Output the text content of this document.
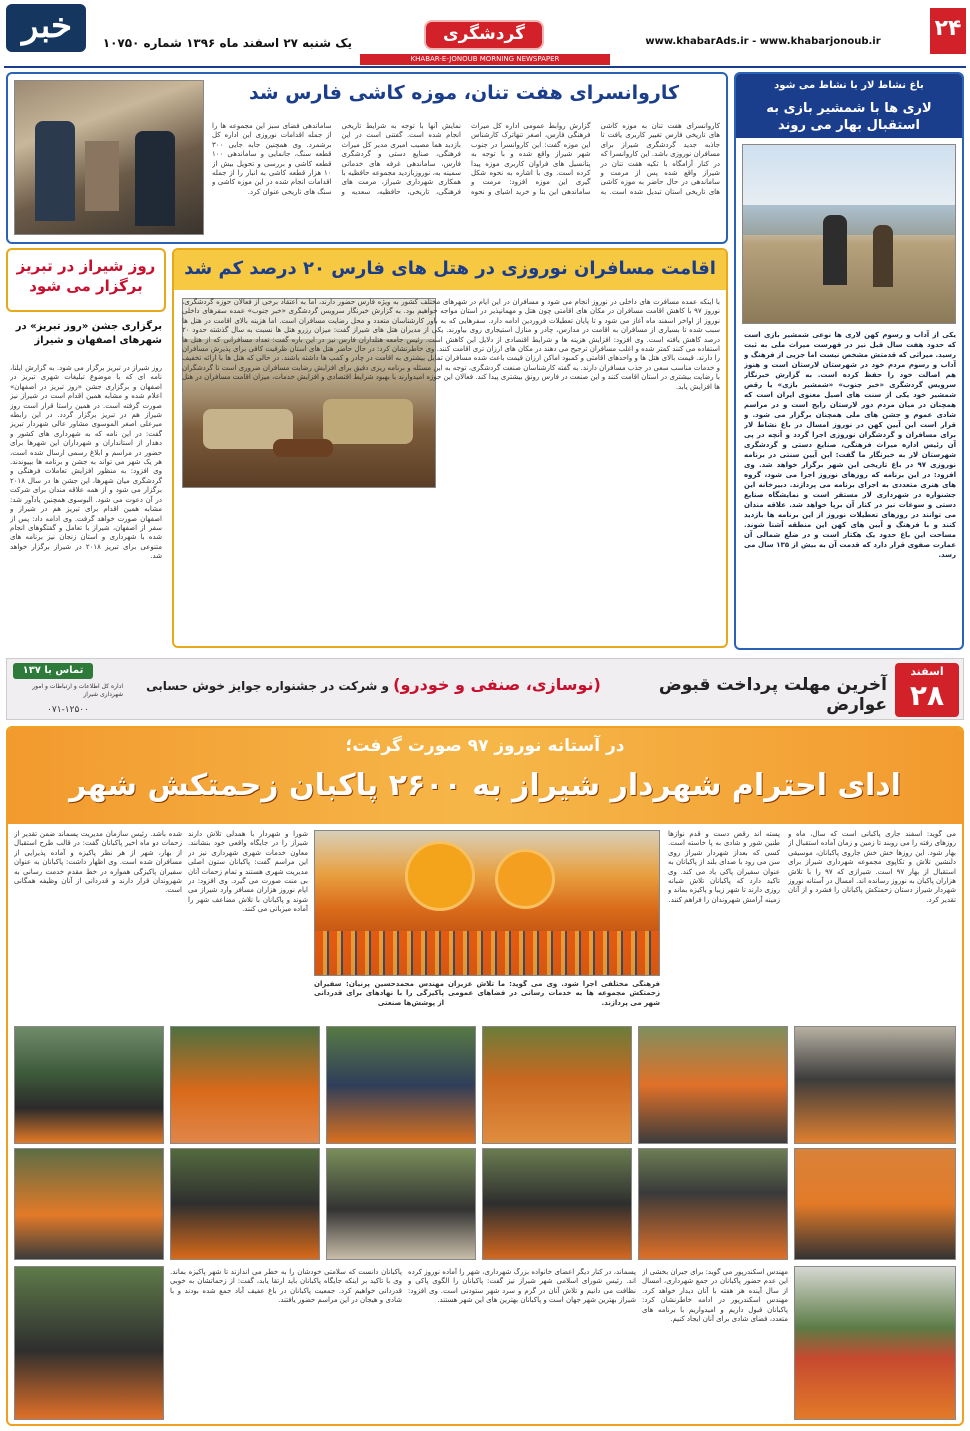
خبر	یک شنبه ۲۷ اسفند ماه ۱۳۹۶ شماره ۱۰۷۵۰	گردشگری	www.khabarAds.ir - www.khabarjonoub.ir
۲۴
KHABAR-E-JONOUB MORNING NEWSPAPER
کاروانسرای هفت تنان، موزه کاشی فارس شد
کاروانسرای هفت تنان به موزه کاشی های تاریخی فارس تغییر کاربری یافت تا جاذبه جدید گردشگری شیراز برای مسافران نوروزی باشد. این کاروانسرا که در کنار آرامگاه با تکیه هفت تنان در شیراز واقع شده پس از مرمت و ساماندهی در حال حاضر به موزه کاشی های تاریخی استان تبدیل شده است. به گزارش روابط عمومی اداره کل میراث فرهنگی فارس، اصغر تنهاترک کارشناس این موزه گفت: این کاروانسرا در جنوب شهر شیراز واقع شده و با توجه به پتانسیل های فراوان کاربری موزه پیدا کرده است. وی با اشاره به نحوه شکل گیری این موزه افزود: مرمت و ساماندهی این بنا و خرید اشیای و نحوه نمایش آنها با توجه به شرایط تاریخی انجام شده است. گفتنی است در این بازدید هما مصیب امیری مدیر کل میراث فرهنگی، صنایع دستی و گردشگری فارس، ساماندهی غرفه های خدماتی سمینه به، نوروزبازدید مجموعه حافظیه با همکاری شهرداری شیراز، مرمت های فرهنگی، تاریخی، حافظیه، سعدیه و ساماندهی فضای سبز این مجموعه ها را از جمله اقدامات نوروزی این اداره کل برشمرد. وی همچنین جابه جایی ۳۰۰ قطعه سنگ، جانمایی و ساماندهی ۱۰۰ قطعه کاشی و بررسی و تحویل بیش از ۱۰ هزار قطعه کاشی به انبار را از جمله اقدامات انجام شده در این موزه کاشی و سنگ های تاریخی عنوان کرد.
باغ نشاط لار با نشاط می شود
لاری ها با شمشیر بازی به استقبال بهار می روند
یکی از آداب و رسوم کهن لاری ها نوعی شمشیر بازی است که حدود هفت سال قبل نیز در فهرست میراث ملی به ثبت رسید. میراثی که قدمتش مشخص نیست اما جزیی از فرهنگ و آداب و رسوم مردم خود در شهرستان لارستان است و هنوز هم اصالت خود را حفظ کرده است. به گزارش خبرنگار سرویس گردشگری «خبر جنوب» «شمشیر بازی» یا رقص شمشیر خود یکی از سنت های اصیل معنوی ایران است که همچنان در میان مردم دور لارستان رایج است و در مراسم شادی عموم و جشن های ملی همچنان برگزار می شود. و قرار است این آیین کهن در نوروز امسال در باغ نشاط لار برای مسافران و گردشگران نوروزی اجرا گردد و آنچه در پی آن رئیس اداره میراث فرهنگی، صنایع دستی و گردشگری شهرستان لار به خبرنگار ما گفت: این آیین سنتی در برنامه نوروزی ۹۷ در باغ تاریخی این شهر برگزار خواهد شد. وی افزود: در این برنامه که روزهای نوروز اجرا می شود، گروه های هنری متعددی به اجرای برنامه می پردازند. دبیرخانه این جشنواره در شهرداری لار مستقر است و نمایشگاه صنایع دستی و سوغات نیز در کنار آن برپا خواهد شد. علاقه مندان می توانند در روزهای تعطیلات نوروز از این برنامه ها بازدید کنند و با فرهنگ و آیین های کهن این منطقه آشنا شوند. مساحت این باغ حدود یک هکتار است و در ضلع شمالی آن عمارت صفوی قرار دارد که قدمت آن به بیش از ۱۳۵ سال می رسد.
اقامت مسافران نوروزی در هتل های فارس ۲۰ درصد کم شد
با اینکه عمده مسافرت های داخلی در نوروز انجام می شود و مسافران در این ایام در شهرهای مختلف کشور به ویژه فارس حضور دارند، اما به اعتقاد برخی از فعالان حوزه گردشگری، نوروز ۹۷ با کاهش اقامت مسافران در مکان های اقامتی چون هتل و مهمانپذیر در استان مواجه خواهیم بود. به گزارش خبرنگار سرویس گردشگری «خبر جنوب» عمده سفرهای داخلی نوروز از اواخر اسفند ماه آغاز می شود و تا پایان تعطیلات فروردین ادامه دارد. سفرهایی که به باور کارشناسان متعدد و محل رضایت مسافران است. اما هزینه بالای اقامت در هتل ها سبب شده تا بسیاری از مسافران به اقامت در مدارس، چادر و منازل استیجاری روی بیاورند. یکی از مدیران هتل های شیراز گفت: میزان رزرو هتل ها نسبت به سال گذشته حدود ۲۰ درصد کاهش یافته است. وی افزود: افزایش هزینه ها و شرایط اقتصادی از دلایل این کاهش است. رئیس جامعه هتلداران فارس نیز در این باره گفت: تعداد مسافرانی که از هتل ها استفاده می کنند کمتر شده و اغلب مسافران ترجیح می دهند در مکان های ارزان تری اقامت کنند. وی خاطرنشان کرد: در حال حاضر هتل های استان ظرفیت کافی برای پذیرش مسافران را دارند. قیمت بالای هتل ها و واحدهای اقامتی و کمبود اماکن ارزان قیمت باعث شده مسافران تمایل بیشتری به اقامت در چادر و کمپ ها داشته باشند. در حالی که هتل ها با ارائه تخفیف و خدمات مناسب سعی در جذب مسافران دارند. به گفته کارشناسان صنعت گردشگری، توجه به این مسئله و برنامه ریزی دقیق برای افزایش رضایت مسافران ضروری است تا گردشگران با رضایت بیشتری در استان اقامت کنند و این صنعت در فارس رونق بیشتری پیدا کند. فعالان این حوزه امیدوارند با بهبود شرایط اقتصادی و افزایش خدمات، میزان اقامت مسافران در هتل ها افزایش یابد.
روز شیراز در تبریز برگزار می شود
برگزاری جشن «روز تبریز» در شهرهای اصفهان و شیراز
روز شیراز در تبریز برگزار می شود. به گزارش ایلنا، نامه ای که با موضوع تبلیغات شهری تبریز در اصفهان و برگزاری جشن «روز تبریز در اصفهان» اعلام شده و مشابه همین اقدام است در شیراز نیز صورت گرفته است. در همین راستا قرار است روز شیراز هم در تبریز برگزار گردد. در این رابطه میرعلی اصغر الموسوی مشاور عالی شهردار تبریز گفت: در این نامه که به شهرداری های کشور و دهدار از استانداران و شهرداران این شهرها برای حضور در مراسم و ابلاغ رسمی ارسال شده است، هر یک شهر می تواند به جشن و برنامه ها بپیوندند. وی افزود: به منظور افزایش تعاملات فرهنگی و گردشگری میان شهرها، این جشن ها در سال ۲۰۱۸ برگزار می شود و از همه علاقه مندان برای شرکت در آن دعوت می شود. البوسوی همچنین یادآور شد: مشابه همین اقدام برای تبریز هم در شیراز و اصفهان صورت خواهد گرفت. وی ادامه داد: پس از سفر از اصفهان، شیراز با تعامل و گفتگوهای انجام شده با شهرداری و استان زنجان نیز برنامه های متنوعی برای تبریز ۲۰۱۸ در شیراز برگزار خواهد شد.
اسفند
۲۸
آخرین مهلت پرداخت قبوض عوارض
(نوسازی، صنفی و خودرو)
و شرکت در جشنواره جوایز خوش حسابی
تماس با ۱۳۷
اداره کل اطلاعات و ارتباطات و امور شهرداری شیراز
۰۷۱-۱۲۵۰۰
در آستانه نوروز ۹۷ صورت گرفت؛
ادای احترام شهردار شیراز به ۲۶۰۰ پاکبان زحمتکش شهر
می گوید: اسفند جاری پاکبانی است که سال، ماه و روزهای رفته را می روبند تا زمین و زمان آماده استقبال از بهار شود. این روزها خش خش جاروی پاکبانان، موسیقی دلنشین تلاش و تکاپوی مجموعه شهرداری شیراز برای استقبال از بهار ۹۷ است. شیرازی که ۹۷ را با تلاش هزاران پاکبان به نوروز رسانده اند. امسال در آستانه نوروز شهردار شیراز دستان زحمتکش پاکبانان را فشرد و از آنان تقدیر کرد.
پسته اند رقص دست و قدم نوازها طنین شور و شادی به پا خاسته است. کسی که بعداز شهردار شیراز روی سن می رود با صدای بلند از پاکبانان به عنوان سفیران پاکی یاد می کند. وی تاکید دارد که پاکبانان تلاش شبانه روزی دارند تا شهر زیبا و پاکیزه بماند و زمینه آرامش شهروندان را فراهم کنند.
فرهنگی مختلفی اجرا شود. وی می گوید: ما تلاش عزیزان زحمتکش مجموعه ها به خدمات رسانی در فضاهای عمومی شهر می پردازند.
مهندس محمدحسین پرنیان: سفیران پاکیزگی را با نهادهای برای قدردانی از پوشش‌ها صنعتی
شورا و شهردار با همدلی تلاش دارند شیراز را در جایگاه واقعی خود بنشانند. معاون خدمات شهری شهرداری نیز در این مراسم گفت: پاکبانان ستون اصلی مدیریت شهری هستند و تمام زحمات آنان بی منت صورت می گیرد. وی افزود: در ایام نوروز هزاران مسافر وارد شیراز می شوند و پاکبانان با تلاش مضاعف شهر را آماده میزبانی می کنند.
شده باشد. رئیس سازمان مدیریت پسماند ضمن تقدیر از زحمات دو ماه اخیر پاکبانان گفت: در قالب طرح استقبال از بهار، شهر از هر نظر پاکیزه و آماده پذیرایی از مسافران شده است. وی اظهار داشت: پاکبانان به عنوان سفیران پاکیزگی همواره در خط مقدم خدمت رسانی به شهروندان قرار دارند و قدردانی از آنان وظیفه همگانی است.
مهندس اسکندرپور می گوید: برای جبران بخشی از این عدم حضور پاکبانان در جمع شهرداری، امسال از سال آینده هر هفته با آنان دیدار خواهد کرد. مهندس اسکندرپور در ادامه خاطرنشان کرد: پاکبانان قبول داریم و امیدواریم با برنامه های متعدد، فضای شادی برای آنان ایجاد کنیم.
پسماند، در کنار دیگر اعضای خانواده بزرگ شهرداری، شهر را آماده نوروز کرده اند. رئیس شورای اسلامی شهر شیراز نیز گفت: پاکبانان را الگوی پاکی و نظافت می دانیم و تلاش آنان در گرم و سرد شهر ستودنی است. وی افزود: شیراز بهترین شهر جهان است و پاکبانان بهترین های این شهر هستند.
پاکبانان دانست که سلامتی خودشان را به خطر می اندازند تا شهر پاکیزه بماند. وی با تاکید بر اینکه جایگاه پاکبانان باید ارتقا یابد، گفت: از زحماتشان به خوبی قدردانی خواهیم کرد. جمعیت پاکبانان در باغ عفیف آباد جمع شده بودند و با شادی و هیجان در این مراسم حضور یافتند.
